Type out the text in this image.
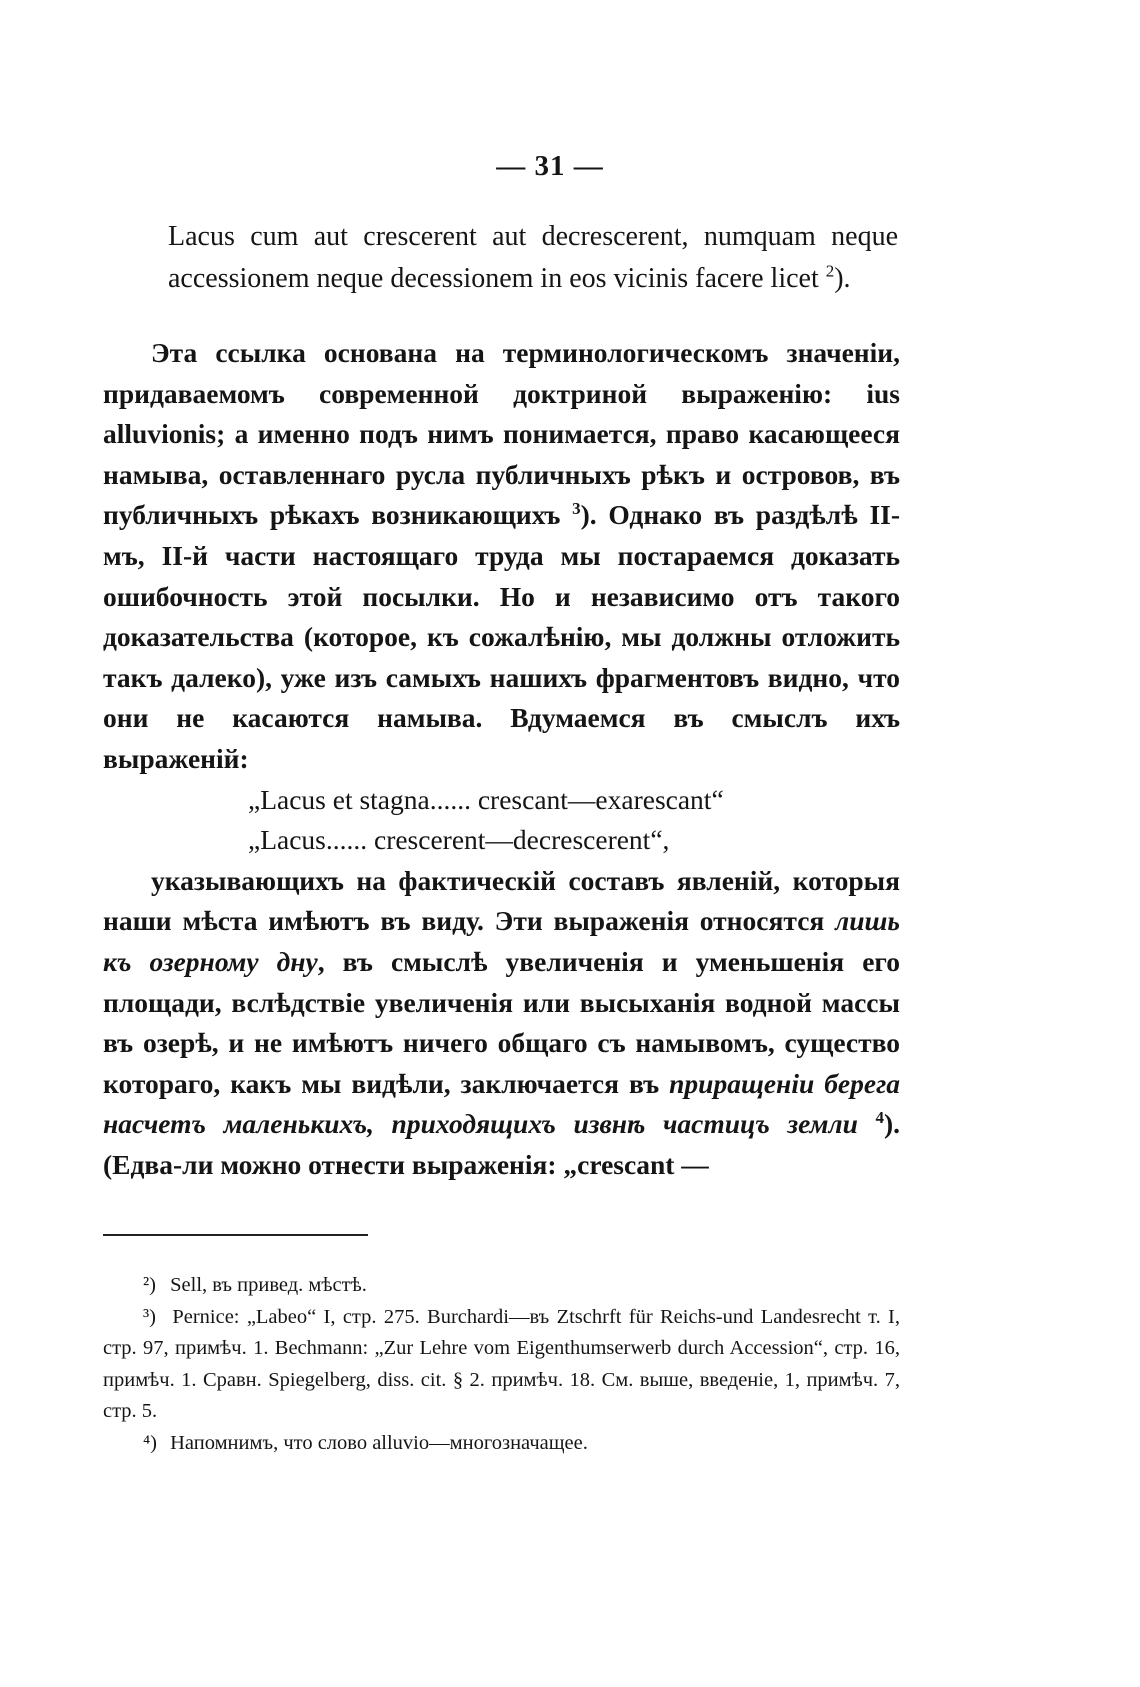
— 31 —
Lacus cum aut crescerent aut decrescerent, numquam neque accessionem neque decessionem in eos vicinis facere licet $^2$).

Эта ссылка основана на терминологическомъ значеніи, придаваемомъ современной доктриной выраженію: ius alluvionis; а именно подъ нимъ понимается, право касающееся намыва, оставленнаго русла публичныхъ рѣкъ и островов, въ публичныхъ рѣкахъ возникающихъ $^3$). Однако въ раздѣлѣ II-мъ, II-й части настоящаго труда мы постараемся доказать ошибочность этой посылки. Но и независимо отъ такого доказательства (которое, къ сожалѣнію, мы должны отложить такъ далеко), уже изъ самыхъ нашихъ фрагментовъ видно, что они не касаются намыва. Вдумаемся въ смыслъ ихъ выраженій:

„Lacus et stagna...... crescant—exarescant“
„Lacus...... crescerent—decrescerent“,

указывающихъ на фактическій составъ явленій, которыя наши мѣста имѣютъ въ виду. Эти выраженія относятся лишь къ озерному дну, въ смыслѣ увеличенія и уменьшенія его площади, вслѣдствіе увеличенія или высыханія водной массы въ озерѣ, и не имѣютъ ничего общаго съ намывомъ, существо котораго, какъ мы видѣли, заключается въ приращеніи берега насчетъ маленькихъ, приходящихъ извнѣ частицъ земли $^4$). (Едва-ли можно отнести выраженія: „crescant —

²) Sell, въ привед. мѣстѣ.

³) Pernice: „Labeo“ I, стр. 275. Burchardi—въ Ztschrft für Reichs-und Landesrecht т. I, стр. 97, примѣч. 1. Bechmann: „Zur Lehre vom Eigenthumserwerb durch Accession“, стр. 16, примѣч. 1. Сравн. Spiegelberg, diss. cit. § 2. примѣч. 18. См. выше, введеніе, 1, примѣч. 7, стр. 5.

⁴) Напомнимъ, что слово alluvio—многозначащее.
